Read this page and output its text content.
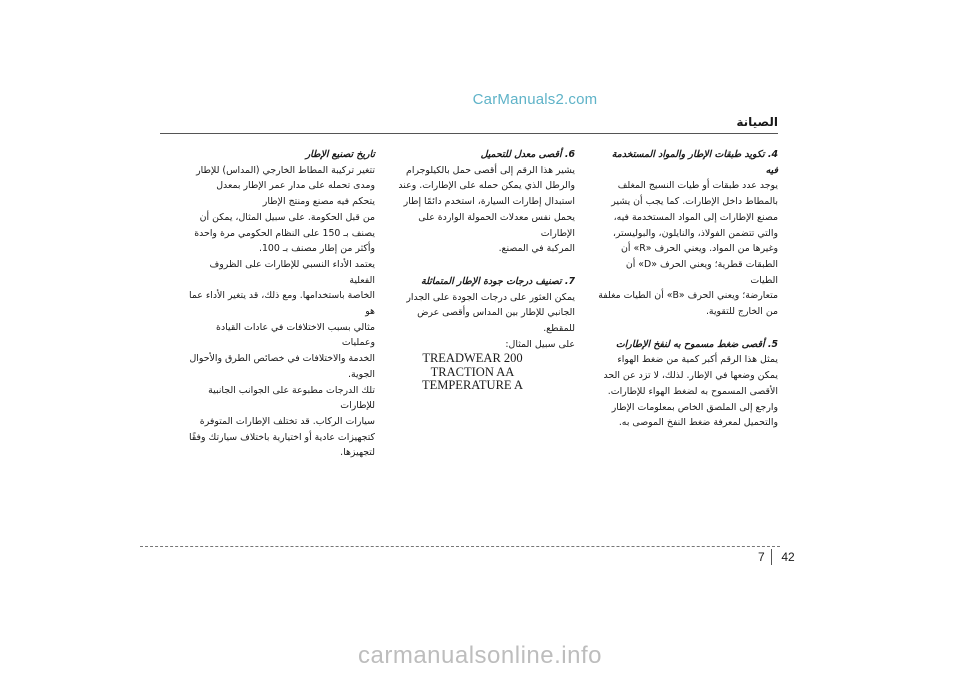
CarManuals2.com
الصيانة
4. تكويد طبقات الإطار والمواد المستخدمة فيه
يوجد عدد طبقات أو طيات النسيج المغلف
بالمطاط داخل الإطارات. كما يجب أن يشير
مصنع الإطارات إلى المواد المستخدمة فيه،
والتي تتضمن الفولاذ، والنايلون، والبوليستر،
وغيرها من المواد. ويعني الحرف «R» أن
الطبقات قطرية؛ ويعني الحرف «D» أن الطيات
متعارضة؛ ويعني الحرف «B» أن الطيات مغلفة
من الخارج للتقوية.
5. أقصى ضغط مسموح به لنفخ الإطارات
يمثل هذا الرقم أكبر كمية من ضغط الهواء
يمكن وضعها في الإطار. لذلك، لا تزد عن الحد
الأقصى المسموح به لضغط الهواء للإطارات.
وارجع إلى الملصق الخاص بمعلومات الإطار
والتحميل لمعرفة ضغط النفخ الموصى به.
6. أقصى معدل للتحميل
يشير هذا الرقم إلى أقصى حمل بالكيلوجرام
والرطل الذي يمكن حمله على الإطارات. وعند
استبدال إطارات السيارة، استخدم دائمًا إطار
يحمل نفس معدلات الحمولة الواردة على الإطارات
المركبة في المصنع.
7. تصنيف درجات جودة الإطار المتماثلة
يمكن العثور على درجات الجودة على الجدار
الجانبي للإطار بين المداس وأقصى عرض
للمقطع.
على سبيل المثال:
TREADWEAR 200
TRACTION AA
TEMPERATURE A
تاريخ تصنيع الإطار
تتغير تركيبة المطاط الخارجي (المداس) للإطار
ومدى تحمله على مدار عمر الإطار بمعدل
يتحكم فيه مصنع ومنتج الإطار
من قبل الحكومة. على سبيل المثال، يمكن أن
يصنف بـ 150 على النظام الحكومي مرة واحدة
وأكثر من إطار مصنف بـ 100.
يعتمد الأداء النسبي للإطارات على الظروف الفعلية
الخاصة باستخدامها. ومع ذلك، قد يتغير الأداء عما هو
مثالي بسبب الاختلافات في عادات القيادة وعمليات
الخدمة والاختلافات في خصائص الطرق والأحوال
الجوية.
تلك الدرجات مطبوعة على الجوانب الجانبية للإطارات
سيارات الركاب. قد تختلف الإطارات المتوفرة
كتجهيزات عادية أو اختيارية باختلاف سيارتك وفقًا لتجهيزها.
7 42
carmanualsonline.info
